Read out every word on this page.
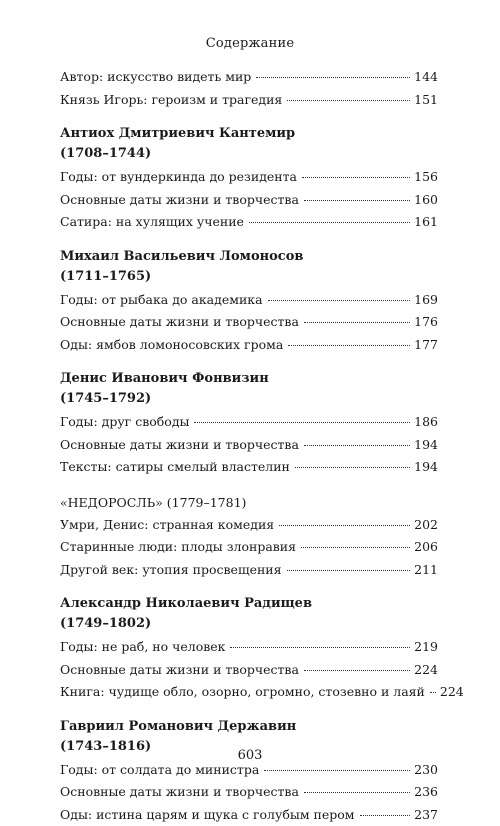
Содержание
Автор: искусство видеть мир	144
Князь Игорь: героизм и трагедия	151
Антиох Дмитриевич Кантемир
(1708–1744)
Годы: от вундеркинда до резидента	156
Основные даты жизни и творчества	160
Сатира: на хулящих учение	161
Михаил Васильевич Ломоносов
(1711–1765)
Годы: от рыбака до академика	169
Основные даты жизни и творчества	176
Оды: ямбов ломоносовских грома	177
Денис Иванович Фонвизин
(1745–1792)
Годы: друг свободы	186
Основные даты жизни и творчества	194
Тексты: сатиры смелый властелин	194
«НЕДОРОСЛЬ» (1779–1781)
Умри, Денис: странная комедия	202
Старинные люди: плоды злонравия	206
Другой век: утопия просвещения	211
Александр Николаевич Радищев
(1749–1802)
Годы: не раб, но человек	219
Основные даты жизни и творчества	224
Книга: чудище обло, озорно, огромно, стозевно и лаяй 224
Гавриил Романович Державин
(1743–1816)
Годы: от солдата до министра	230
Основные даты жизни и творчества	236
Оды: истина царям и щука с голубым пером	237
603
